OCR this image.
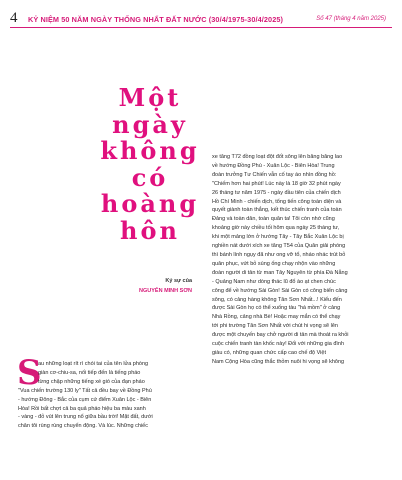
4 KỶ NIỆM 50 NĂM NGÀY THỐNG NHẤT ĐẤT NƯỚC (30/4/1975-30/4/2025)	Số 47 (tháng 4 năm 2025)
Một
ngày
không
có
hoàng
hôn
Ký sự của
NGUYỄN MINH SƠN
S
au những loạt rít rì chói tai của tên lửa phòng
giàn cơ-chiu-sa, nối tiếp đến là tiếng pháo
từng chập những tiếng xé gió của đạn pháo
"Vua chiến trường 130 ly" Tất cả đều bay về Đồng Phú
- hướng Đông - Bắc của cụm cứ điểm Xuân Lộc - Biên
Hòa! Rồi bất chợt cả ba quả pháo hiệu ba màu xanh
- vàng - đỏ vút lên trung nổ giữa bầu trời! Mặt đất, dưới
chân tôi rùng rùng chuyển động. Và lúc. Những chiếc
xe tăng T72 đồng loạt đột đốt sông lên băng băng lao
về hướng Đồng Phú - Xuân Lộc - Biên Hòa! Trung
đoàn trưởng Tư Chiến vẫn cố tay áo nhìn đồng hồ:
"Chiếm hơn hai phút! Lúc này là 18 giờ 32 phút ngày
26 tháng tư năm 1975 - ngày đầu tiên của chiến dịch
Hồ Chí Minh - chiến dịch, tổng tiến công toàn diện và
quyết giành toàn thắng, kết thúc chiến tranh của toàn
Đảng và toàn dân, toàn quân ta! Tôi còn nhớ cũng
khoảng giờ này chiều tối hôm qua ngày 25 tháng tư,
khi một mảng lớn ở hướng Tây - Tây Bắc Xuân Lộc bị
nghiền nát dưới xích xe tăng T54 của Quân giải phóng
thì bánh lính ngụy đã như ong vỡ tổ, nháo nhác trút bỏ
quân phục, vứt bỏ súng ống chạy nhộn vào những
đoàn người di tản từ man Tây Nguyên từ phía Đà Nẵng
- Quảng Nam như dòng thác lũ đổ ào ạt chen chúc
công để về hướng Sài Gòn! Sài Gòn có công biển cảng
sông, có cảng hàng không Tân Sơn Nhất...! Kiểu đến
được Sài Gòn họ có thể xuống tàu "há mồm" ở cảng
Nhà Rồng, cảng nhà Bè! Hoặc may mắn có thể chạy
tới phi trường Tân Sơn Nhất với chút hi vọng sẽ lên
được một chuyến bay chở người di tản mà thoát ra khỏi
cuộc chiến tranh tàn khốc này! Đối với những gia đình
giàu có, những quan chức cấp cao chế độ Việt
Nam Cộng Hòa cũng thắc thỏm nuôi hi vọng sẽ không
